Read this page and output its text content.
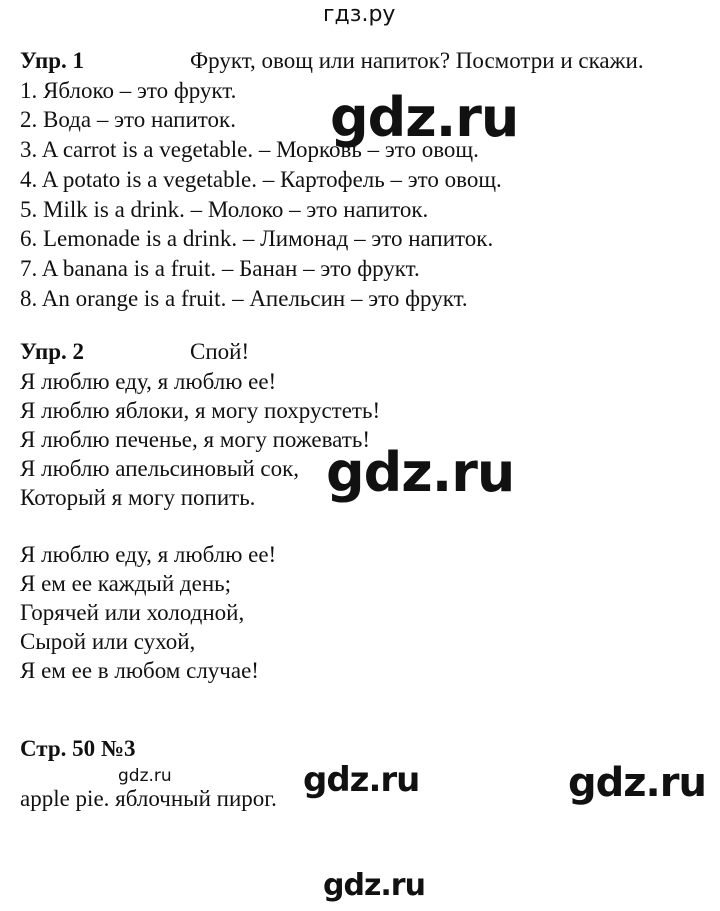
гдз.ру
Упр. 1	Фрукт, овощ или напиток? Посмотри и скажи.
1. Яблоко – это фрукт.
2. Вода – это напиток.
3. A carrot is a vegetable. – Морковь – это овощ.
4. A potato is a vegetable. – Картофель – это овощ.
5. Milk is a drink. – Молоко – это напиток.
6. Lemonade is a drink. – Лимонад – это напиток.
7. A banana is a fruit. – Банан – это фрукт.
8. An orange is a fruit. – Апельсин – это фрукт.
Упр. 2	Спой!
Я люблю еду, я люблю ее!
Я люблю яблоки, я могу похрустеть!
Я люблю печенье, я могу пожевать!
Я люблю апельсиновый сок,
Который я могу попить.
Я люблю еду, я люблю ее!
Я ем ее каждый день;
Горячей или холодной,
Сырой или сухой,
Я ем ее в любом случае!
Стр. 50 №3
apple pie. яблочный пирог.
gdz.ru
gdz.ru
gdz.ru	gdz.ru	gdz.ru
gdz.ru
